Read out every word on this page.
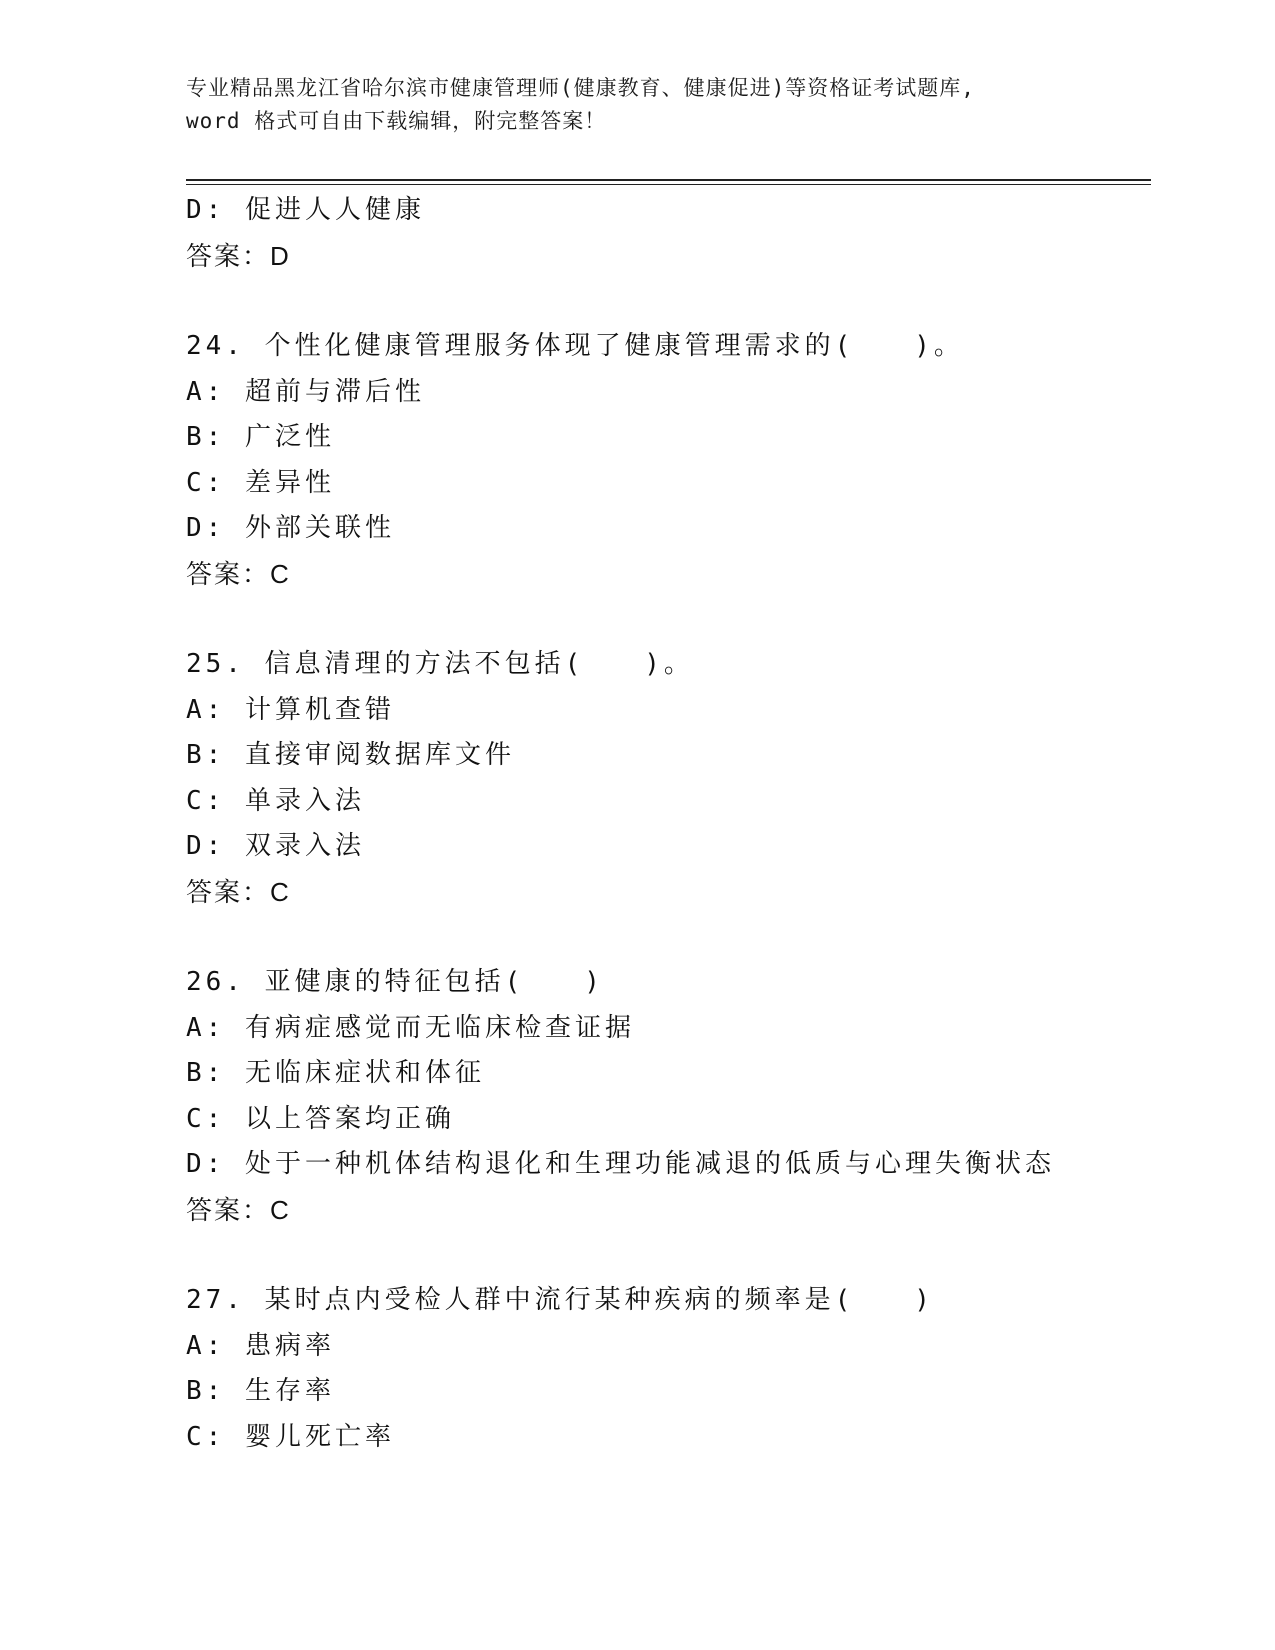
专业精品黑龙江省哈尔滨市健康管理师(健康教育、健康促进)等资格证考试题库,
word 格式可自由下载编辑，附完整答案！
D: 促进人人健康
答案：D
24. 个性化健康管理服务体现了健康管理需求的(　　)。
A: 超前与滞后性
B: 广泛性
C: 差异性
D: 外部关联性
答案：C
25. 信息清理的方法不包括(　　)。
A: 计算机查错
B: 直接审阅数据库文件
C: 单录入法
D: 双录入法
答案：C
26. 亚健康的特征包括(　　)
A: 有病症感觉而无临床检查证据
B: 无临床症状和体征
C: 以上答案均正确
D: 处于一种机体结构退化和生理功能减退的低质与心理失衡状态
答案：C
27. 某时点内受检人群中流行某种疾病的频率是(　　)
A: 患病率
B: 生存率
C: 婴儿死亡率
